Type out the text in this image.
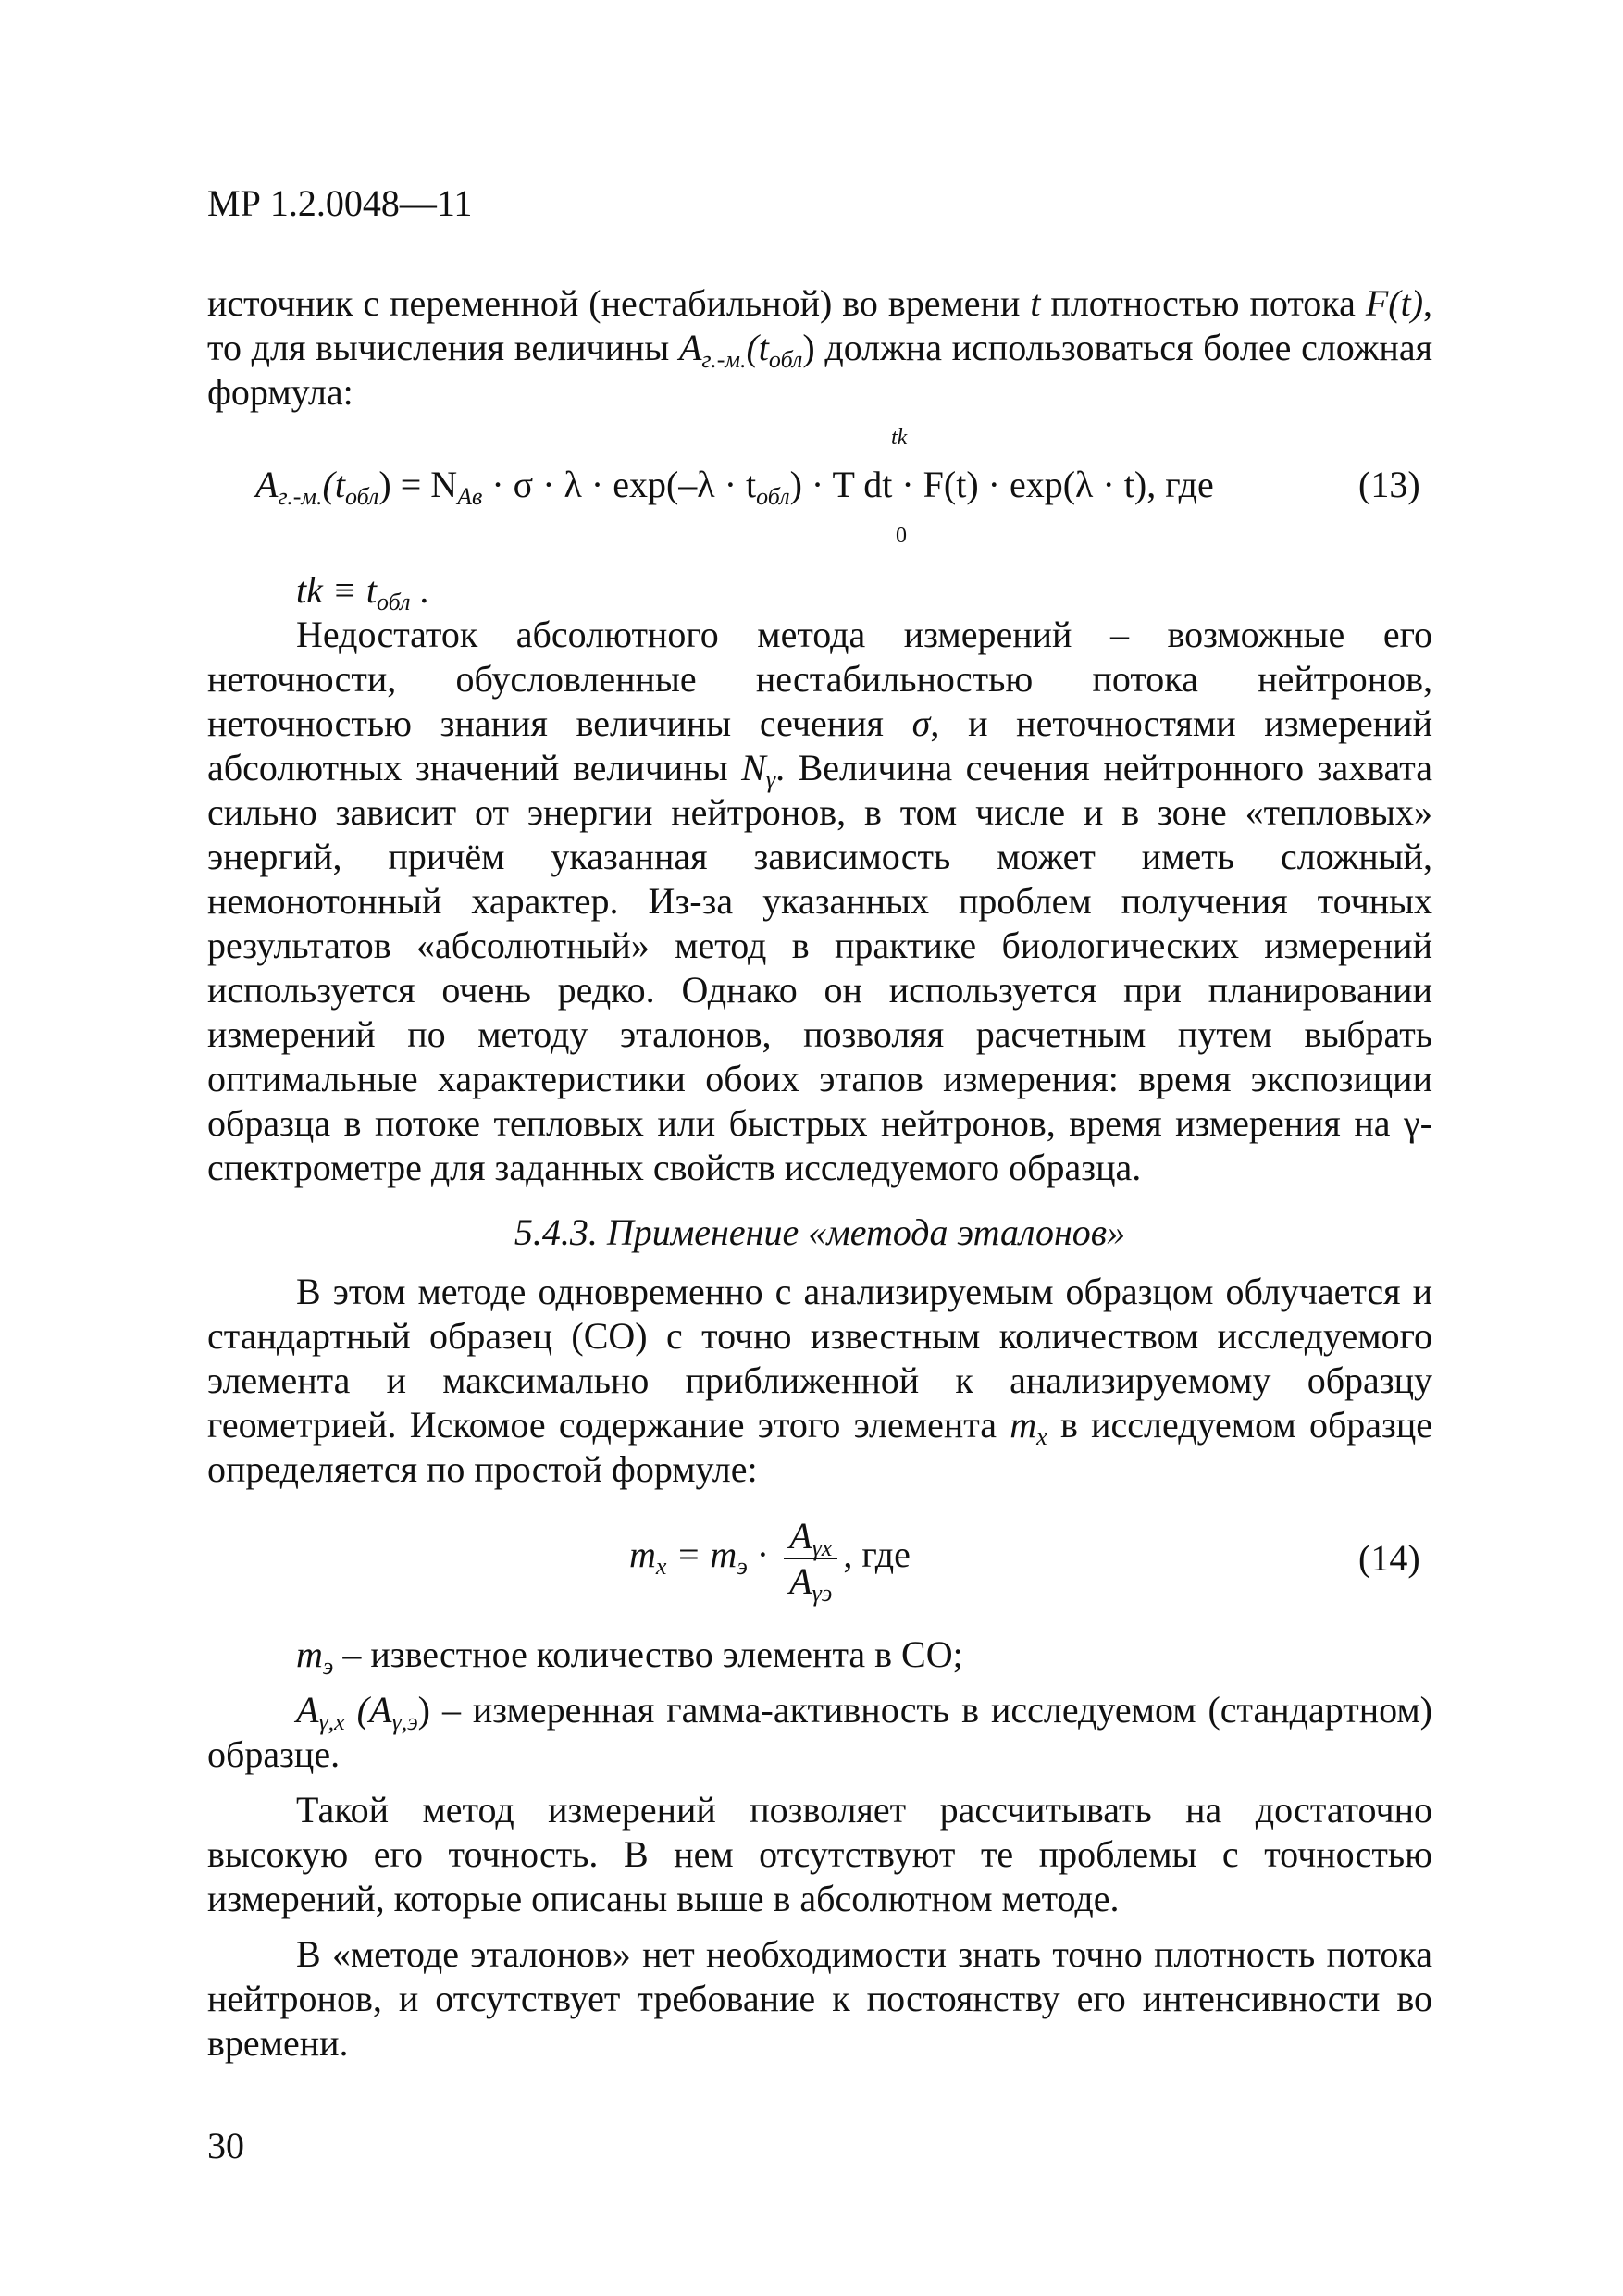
МР 1.2.0048—11

источник с переменной (нестабильной) во времени t плотностью потока F(t), то для вычисления величины $A_{г.-м.}(t_{обл})$ должна использоваться более сложная формула:

tk
$A_{г.-м.}(t_{обл}) = N_{Ав} \cdot \sigma \cdot \lambda \cdot \exp(-\lambda \cdot t_{обл}) \cdot T$ dt · F(t) · exp(λ · t), где
0
(13)

tk ≡ $t_{обл}$ .

Недостаток абсолютного метода измерений – возможные его неточности, обусловленные нестабильностью потока нейтронов, неточностью знания величины сечения σ, и неточностями измерений абсолютных значений величины $N_\gamma$. Величина сечения нейтронного захвата сильно зависит от энергии нейтронов, в том числе и в зоне «тепловых» энергий, причём указанная зависимость может иметь сложный, немонотонный характер. Из-за указанных проблем получения точных результатов «абсолютный» метод в практике биологических измерений используется очень редко. Однако он используется при планировании измерений по методу эталонов, позволяя расчетным путем выбрать оптимальные характеристики обоих этапов измерения: время экспозиции образца в потоке тепловых или быстрых нейтронов, время измерения на γ-спектрометре для заданных свойств исследуемого образца.

5.4.3. Применение «метода эталонов»

В этом методе одновременно с анализируемым образцом облучается и стандартный образец (СО) с точно известным количеством исследуемого элемента и максимально приближенной к анализируемому образцу геометрией. Искомое содержание этого элемента $m_x$ в исследуемом образце определяется по простой формуле:

$m_x = m_э \cdot \frac{A_{\gamma x}}{A_{\gamma э}}$ , где	(14)

$m_э$ – известное количество элемента в СО;

$A_{\gamma,x}$ $(A_{\gamma,э})$ – измеренная гамма-активность в исследуемом (стандартном) образце.

Такой метод измерений позволяет рассчитывать на достаточно высокую его точность. В нем отсутствуют те проблемы с точностью измерений, которые описаны выше в абсолютном методе.

В «методе эталонов» нет необходимости знать точно плотность потока нейтронов, и отсутствует требование к постоянству его интенсивности во времени.

30
